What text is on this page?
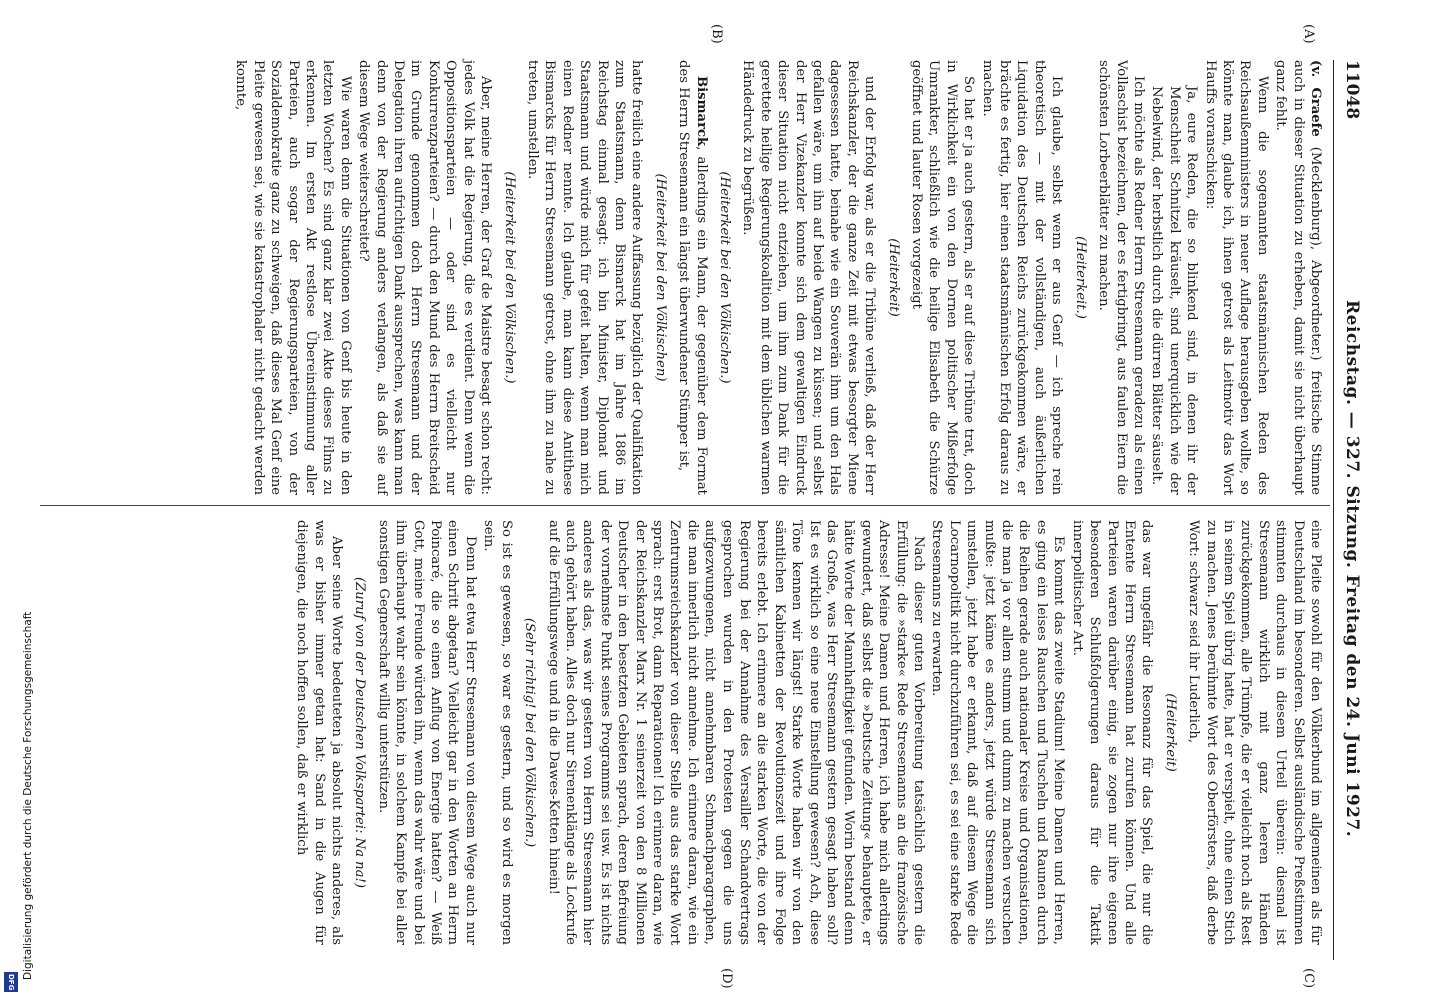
11048
Reichstag. — 327. Sitzung. Freitag den 24. Juni 1927.
(A)
(B)
(C)
(D)

(v. Graefe (Mecklenburg), Abgeordneter.) freitische Stimme auch in dieser Situation zu erheben, damit sie nicht überhaupt ganz fehlt.

Wenn die sogenannten staatsmännischen Reden des Reichsaußenministers in neuer Auflage herausgeben wollte, so könnte man, glaube ich, ihnen getrost als Leitmotiv das Wort Hauffs voranschicken:

Ja, eure Reden, die so blinkend sind, in denen ihr der Menschheit Schnitzel kräuselt, sind unerquicklich wie der Nebelwind, der herbstlich durch die dürren Blätter säuselt.

Ich möchte als Redner Herrn Stresemann geradezu als einen Vollaschist bezeichnen, der es fertigbringt, aus faulen Eiern die schönsten Lorbeerblätter zu machen.

(Heiterkeit.)

Ich glaube, selbst wenn er aus Genf — ich spreche rein theoretisch — mit der vollständigen, auch äußerlichen Liquidation des Deutschen Reichs zurückgekommen wäre, er brächte es fertig, hier einen staatsmännischen Erfolg daraus zu machen.

So hat er ja auch gestern, als er auf diese Tribüne trat, doch in Wirklichkeit ein von den Dornen politischer Mißerfolge Umrankter, schließlich wie die heilige Elisabeth die Schürze geöffnet und lauter Rosen vorgezeigt

(Heiterkeit)

und der Erfolg war, als er die Tribüne verließ, daß der Herr Reichskanzler, der die ganze Zeit mit etwas besorgter Miene dagesessen hatte, beinahe wie ein Souverän ihm um den Hals gefallen wäre, um ihn auf beide Wangen zu küssen; und selbst der Herr Vizekanzler konnte sich dem gewaltigen Eindruck dieser Situation nicht entziehen, um ihm zum Dank für die gerettete heilige Regierungskoalition mit dem üblichen warmen Händedruck zu begrüßen.

(Heiterkeit bei den Völkischen.)

Bismarck, allerdings ein Mann, der gegenüber dem Format des Herrn Stresemann ein längst überwundener Stümper ist,

(Heiterkeit bei den Völkischen)

hatte freilich eine andere Auffassung bezüglich der Qualifikation zum Staatsmann, denn Bismarck hat im Jahre 1886 im Reichstag einmal gesagt: ich bin Minister, Diplomat und Staatsmann und würde mich für gefeit halten, wenn man mich einen Redner nennte. Ich glaube, man kann diese Antithese Bismarcks für Herrn Stresemann getrost, ohne ihm zu nahe zu treten, umstellen.

(Heiterkeit bei den Völkischen.)

Aber, meine Herren, der Graf de Maistre besagt schon recht: jedes Volk hat die Regierung, die es verdient. Denn wenn die Oppositionsparteien — oder sind es vielleicht nur Konkurrenzparteien? — durch den Mund des Herrn Breitscheid im Grunde genommen doch Herrn Stresemann und der Delegation ihren aufrichtigen Dank aussprechen, was kann man denn von der Regierung anders verlangen, als daß sie auf diesem Wege weiterschreitet?

Wie waren denn die Situationen von Genf bis heute in den letzten Wochen? Es sind ganz klar zwei Akte dieses Films zu erkennen. Im ersten Akt restlose Übereinstimmung aller Parteien, auch sogar der Regierungsparteien, von der Sozialdemokratie ganz zu schweigen, daß dieses Mal Genf eine Pleite gewesen sei, wie sie katastrophaler nicht gedacht werden konnte,

eine Pleite sowohl für den Völkerbund im allgemeinen als für Deutschland im besonderen. Selbst ausländische Preßstimmen stimmten durchaus in diesem Urteil überein: diesmal ist Stresemann wirklich mit ganz leeren Händen zurückgekommen, alle Trümpfe, die er vielleicht noch als Rest in seinem Spiel übrig hatte, hat er verspielt, ohne einen Stich zu machen. Jenes berühmte Wort des Oberförsters, daß derbe Wort: schwarz seid ihr Luderlich,

(Heiterkeit)

das war ungefähr die Resonanz für das Spiel, die nur die Entente Herrn Stresemann hat zurufen können. Und alle Parteien waren darüber einig, sie zogen nur ihre eigenen besonderen Schlußfolgerungen daraus für die Taktik innerpolitischer Art.

Es kommt das zweite Stadium! Meine Damen und Herren, es ging ein leises Rauschen und Tuscheln und Raunen durch die Reihen gerade auch nationaler Kreise und Organisationen, die man ja vor allem stumm und dumm zu machen versuchen mußte: jetzt käme es anders, jetzt würde Stresemann sich umstellen, jetzt habe er erkannt, daß auf diesem Wege die Locarnopolitik nicht durchzuführen sei, es sei eine starke Rede Stresemanns zu erwarten.

Nach dieser guten Vorbereitung tatsächlich gestern die Erfüllung: die »starke« Rede Stresemanns an die französische Adresse! Meine Damen und Herren, ich habe mich allerdings gewundert, daß selbst die »Deutsche Zeitung« behauptete, er hätte Worte der Mannhaftigkeit gefunden. Worin bestand denn das Große, was Herr Stresemann gestern gesagt haben soll? Ist es wirklich so eine neue Einstellung gewesen? Ach, diese Töne kennen wir längst! Starke Worte haben wir von den sämtlichen Kabinetten der Revolutionszeit und ihre Folge bereits erlebt. Ich erinnere an die starken Worte, die von der Regierung bei der Annahme des Versailler Schandvertrags gesprochen wurden in den Protesten gegen die uns aufgezwungenen, nicht annehmbaren Schmachparagraphen, die man innerlich nicht annehme. Ich erinnere daran, wie ein Zentrumsreichskanzler von dieser Stelle aus das starke Wort sprach: erst Brot, dann Reparationen! Ich erinnere daran, wie der Reichskanzler Marx Nr. 1 seinerzeit von den 8 Millionen Deutscher in den besetzten Gebieten sprach, deren Befreiung der vornehmste Punkt seines Programms sei usw. Es ist nichts anderes als das, was wir gestern von Herrn Stresemann hier auch gehört haben. Alles doch nur Sirenenklänge als Lockrufe auf die Erfüllungswege und in die Dawes-Ketten hinein!

(Sehr richtig! bei den Völkischen.)

So ist es gewesen, so war es gestern, und so wird es morgen sein.

Denn hat etwa Herr Stresemann von diesem Wege auch nur einen Schritt abgetan? Vielleicht gar in den Worten an Herrn Poincaré, die so einen Anflug von Energie hatten? — Weiß Gott, meine Freunde würden ihn, wenn das wahr wäre und bei ihm überhaupt wahr sein könnte, in solchem Kampfe bei aller sonstigen Gegnerschaft willig unterstützen.

(Zuruf von der Deutschen Volkspartei: Na na!)

Aber seine Worte bedeuteten ja absolut nichts anderes, als was er bisher immer getan hat: Sand in die Augen für diejenigen, die noch hoffen sollen, daß er wirklich

Digitalisierung gefördert durch die Deutsche Forschungsgemeinschaft
DFG
